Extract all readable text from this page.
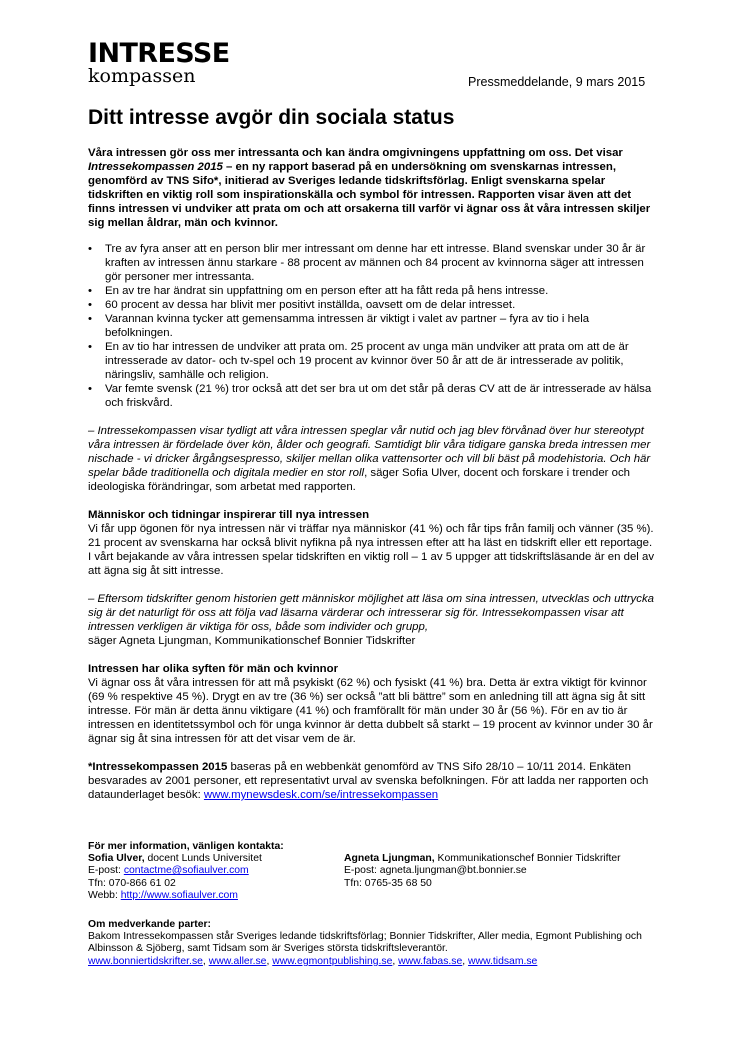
INTRESSE
kompassen	Pressmeddelande, 9 mars 2015
Ditt intresse avgör din sociala status

Våra intressen gör oss mer intressanta och kan ändra omgivningens uppfattning om oss. Det visar Intressekompassen 2015 – en ny rapport baserad på en undersökning om svenskarnas intressen, genomförd av TNS Sifo*, initierad av Sveriges ledande tidskriftsförlag. Enligt svenskarna spelar tidskriften en viktig roll som inspirationskälla och symbol för intressen. Rapporten visar även att det finns intressen vi undviker att prata om och att orsakerna till varför vi ägnar oss åt våra intressen skiljer sig mellan åldrar, män och kvinnor.

• Tre av fyra anser att en person blir mer intressant om denne har ett intresse. Bland svenskar under 30 år är kraften av intressen ännu starkare - 88 procent av männen och 84 procent av kvinnorna säger att intressen gör personer mer intressanta.
• En av tre har ändrat sin uppfattning om en person efter att ha fått reda på hens intresse.
• 60 procent av dessa har blivit mer positivt inställda, oavsett om de delar intresset.
• Varannan kvinna tycker att gemensamma intressen är viktigt i valet av partner – fyra av tio i hela befolkningen.
• En av tio har intressen de undviker att prata om. 25 procent av unga män undviker att prata om att de är intresserade av dator- och tv-spel och 19 procent av kvinnor över 50 år att de är intresserade av politik, näringsliv, samhälle och religion.
• Var femte svensk (21 %) tror också att det ser bra ut om det står på deras CV att de är intresserade av hälsa och friskvård.

– Intressekompassen visar tydligt att våra intressen speglar vår nutid och jag blev förvånad över hur stereotypt våra intressen är fördelade över kön, ålder och geografi. Samtidigt blir våra tidigare ganska breda intressen mer nischade - vi dricker årgångsespresso, skiljer mellan olika vattensorter och vill bli bäst på modehistoria. Och här spelar både traditionella och digitala medier en stor roll, säger Sofia Ulver, docent och forskare i trender och ideologiska förändringar, som arbetat med rapporten.

Människor och tidningar inspirerar till nya intressen

Vi får upp ögonen för nya intressen när vi träffar nya människor (41 %) och får tips från familj och vänner (35 %). 21 procent av svenskarna har också blivit nyfikna på nya intressen efter att ha läst en tidskrift eller ett reportage. I vårt bejakande av våra intressen spelar tidskriften en viktig roll – 1 av 5 uppger att tidskriftsläsande är en del av att ägna sig åt sitt intresse.

– Eftersom tidskrifter genom historien gett människor möjlighet att läsa om sina intressen, utvecklas och uttrycka sig är det naturligt för oss att följa vad läsarna värderar och intresserar sig för. Intressekompassen visar att intressen verkligen är viktiga för oss, både som individer och grupp,
säger Agneta Ljungman, Kommunikationschef Bonnier Tidskrifter

Intressen har olika syften för män och kvinnor

Vi ägnar oss åt våra intressen för att må psykiskt (62 %) och fysiskt (41 %) bra. Detta är extra viktigt för kvinnor (69 % respektive 45 %). Drygt en av tre (36 %) ser också ”att bli bättre” som en anledning till att ägna sig åt sitt intresse. För män är detta ännu viktigare (41 %) och framförallt för män under 30 år (56 %). För en av tio är intressen en identitetssymbol och för unga kvinnor är detta dubbelt så starkt – 19 procent av kvinnor under 30 år ägnar sig åt sina intressen för att det visar vem de är.

*Intressekompassen 2015 baseras på en webbenkät genomförd av TNS Sifo 28/10 – 10/11 2014. Enkäten besvarades av 2001 personer, ett representativt urval av svenska befolkningen. För att ladda ner rapporten och dataunderlaget besök: www.mynewsdesk.com/se/intressekompassen

För mer information, vänligen kontakta:
Sofia Ulver, docent Lunds Universitet
E-post: contactme@sofiaulver.com
Tfn: 070-866 61 02
Webb: http://www.sofiaulver.com
Agneta Ljungman, Kommunikationschef Bonnier Tidskrifter
E-post: agneta.ljungman@bt.bonnier.se
Tfn: 0765-35 68 50
Om medverkande parter:
Bakom Intressekompassen står Sveriges ledande tidskriftsförlag; Bonnier Tidskrifter, Aller media, Egmont Publishing och Albinsson & Sjöberg, samt Tidsam som är Sveriges största tidskriftsleverantör.
www.bonniertidskrifter.se, www.aller.se, www.egmontpublishing.se, www.fabas.se, www.tidsam.se
